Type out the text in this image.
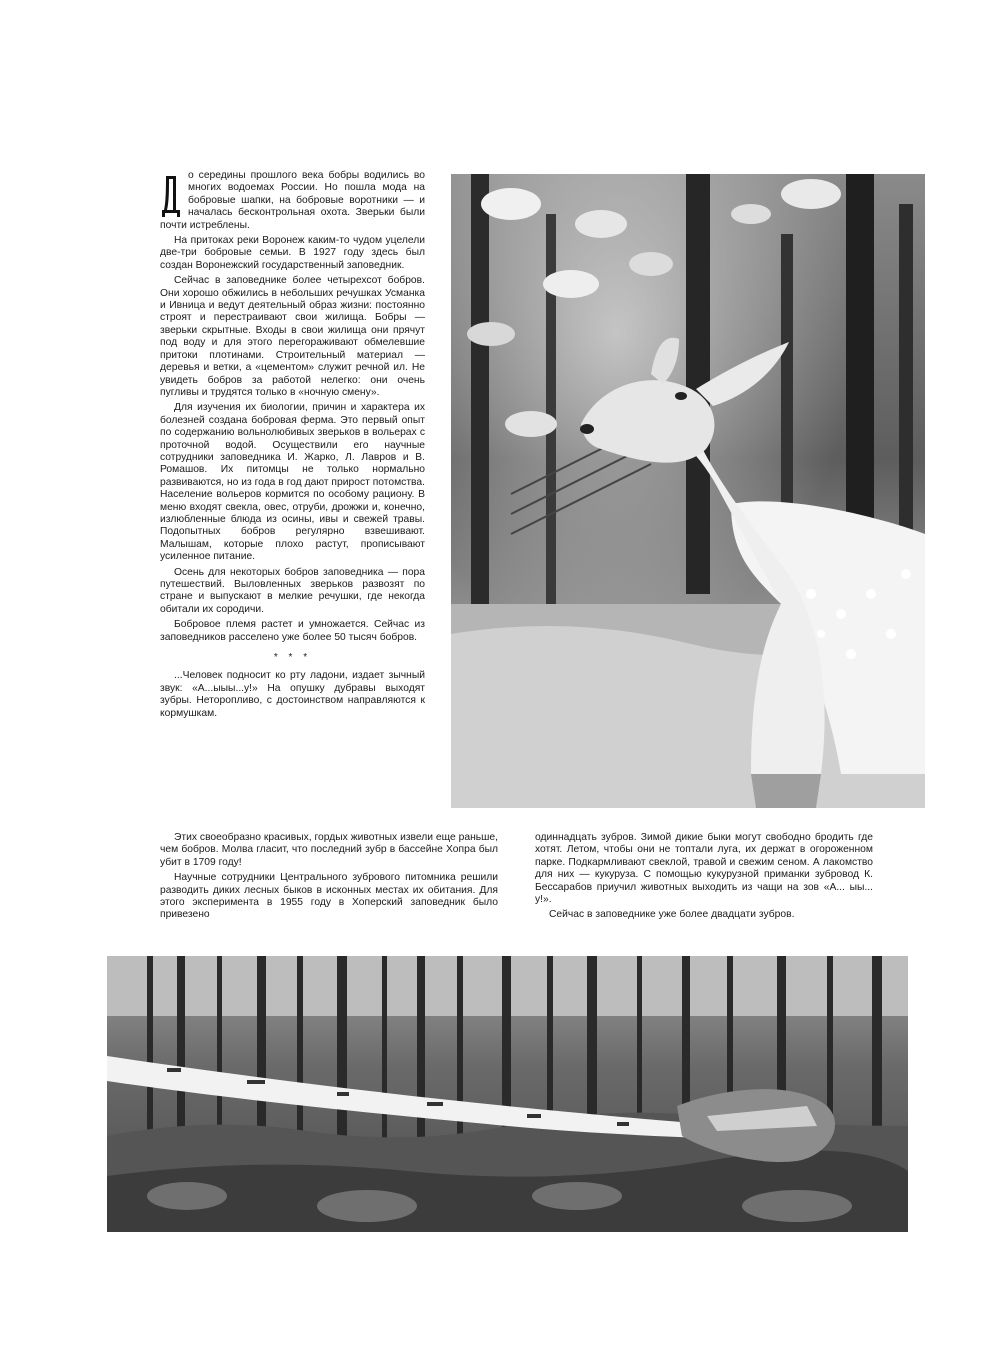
о середины прошлого века бобры водились во многих водоемах России. Но пошла мода на бобровые шапки, на бобровые воротники — и началась бесконтрольная охота. Зверьки были почти истреблены.

На притоках реки Воронеж каким-то чудом уцелели две-три бобровые семьи. В 1927 году здесь был создан Воронежский государственный заповедник.

Сейчас в заповеднике более четырехсот бобров. Они хорошо обжились в небольших речушках Усманка и Ивница и ведут деятельный образ жизни: постоянно строят и перестраивают свои жилища. Бобры — зверьки скрытные. Входы в свои жилища они прячут под воду и для этого перегораживают обмелевшие притоки плотинами. Строительный материал — деревья и ветки, а «цементом» служит речной ил. Не увидеть бобров за работой нелегко: они очень пугливы и трудятся только в «ночную смену».

Для изучения их биологии, причин и характера их болезней создана бобровая ферма. Это первый опыт по содержанию вольнолюбивых зверьков в вольерах с проточной водой. Осуществили его научные сотрудники заповедника И. Жарко, Л. Лавров и В. Ромашов. Их питомцы не только нормально развиваются, но из года в год дают прирост потомства. Население вольеров кормится по особому рациону. В меню входят свекла, овес, отруби, дрожжи и, конечно, излюбленные блюда из осины, ивы и свежей травы. Подопытных бобров регулярно взвешивают. Малышам, которые плохо растут, прописывают усиленное питание.

Осень для некоторых бобров заповедника — пора путешествий. Выловленных зверьков развозят по стране и выпускают в мелкие речушки, где некогда обитали их сородичи.

Бобровое племя растет и умножается. Сейчас из заповедников расселено уже более 50 тысяч бобров.

* * *

...Человек подносит ко рту ладони, издает зычный звук: «А...ыыы...у!» На опушку дубравы выходят зубры. Неторопливо, с достоинством направляются к кормушкам.

Этих своеобразно красивых, гордых животных извели еще раньше, чем бобров. Молва гласит, что последний зубр в бассейне Хопра был убит в 1709 году!

Научные сотрудники Центрального зубрового питомника решили разводить диких лесных быков в исконных местах их обитания. Для этого эксперимента в 1955 году в Хоперский заповедник было привезено

одиннадцать зубров. Зимой дикие быки могут свободно бродить где хотят. Летом, чтобы они не топтали луга, их держат в огороженном парке. Подкармливают свеклой, травой и свежим сеном. А лакомство для них — кукуруза. С помощью кукурузной приманки зубровод К. Бессарабов приучил животных выходить из чащи на зов «А... ыы... у!».

Сейчас в заповеднике уже более двадцати зубров.
